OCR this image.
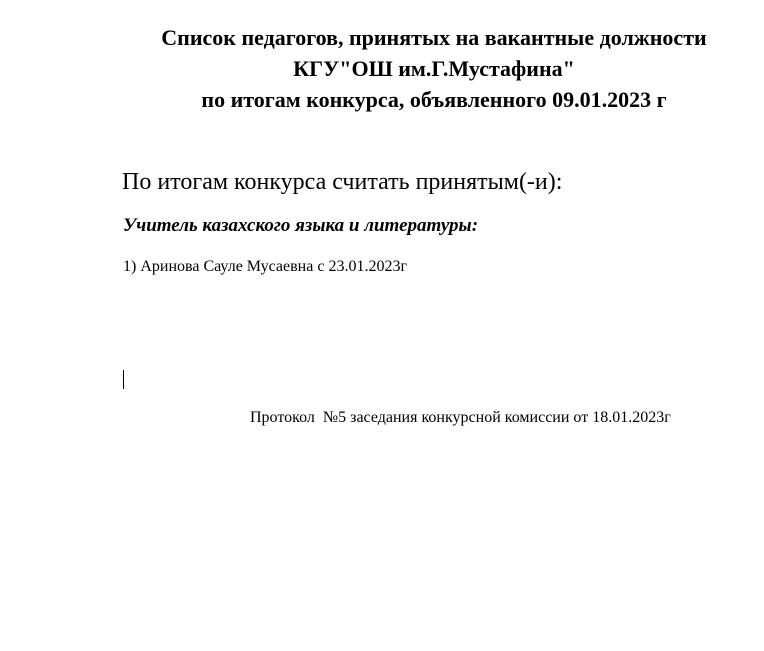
Список педагогов, принятых на вакантные должности
КГУ"ОШ им.Г.Мустафина"
по итогам конкурса, объявленного 09.01.2023 г
По итогам конкурса считать принятым(-и):
Учитель казахского языка и литературы:
1) Аринова Сауле Мусаевна с 23.01.2023г
Протокол  №5 заседания конкурсной комиссии от 18.01.2023г
